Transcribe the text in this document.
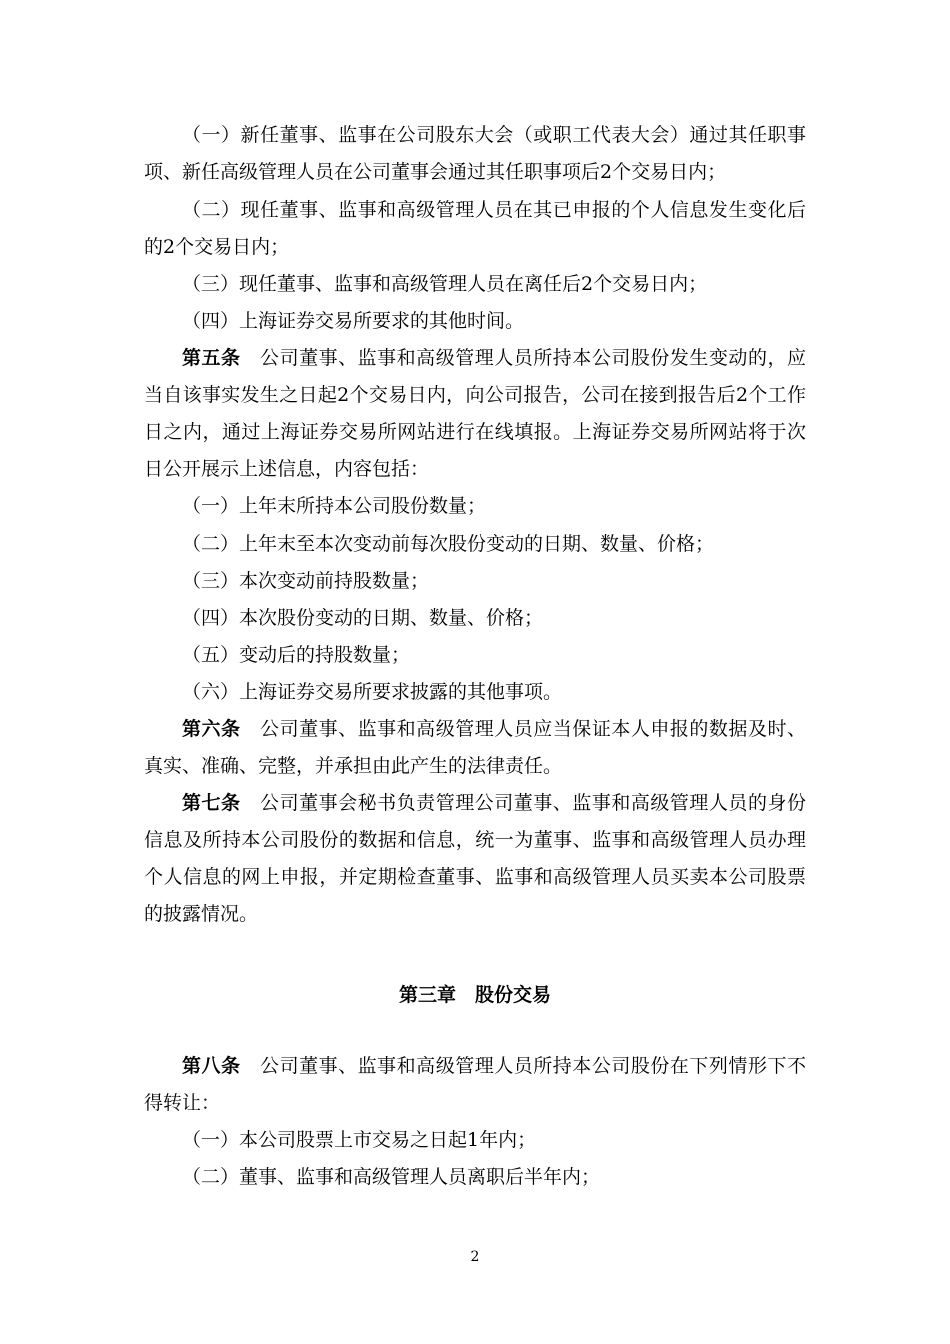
（一）新任董事、监事在公司股东大会（或职工代表大会）通过其任职事项、新任高级管理人员在公司董事会通过其任职事项后2个交易日内；

（二）现任董事、监事和高级管理人员在其已申报的个人信息发生变化后的2个交易日内；

（三）现任董事、监事和高级管理人员在离任后2个交易日内；

（四）上海证券交易所要求的其他时间。

第五条 公司董事、监事和高级管理人员所持本公司股份发生变动的，应当自该事实发生之日起2个交易日内，向公司报告，公司在接到报告后2个工作日之内，通过上海证券交易所网站进行在线填报。上海证券交易所网站将于次日公开展示上述信息，内容包括：

（一）上年末所持本公司股份数量；

（二）上年末至本次变动前每次股份变动的日期、数量、价格；

（三）本次变动前持股数量；

（四）本次股份变动的日期、数量、价格；

（五）变动后的持股数量；

（六）上海证券交易所要求披露的其他事项。

第六条 公司董事、监事和高级管理人员应当保证本人申报的数据及时、真实、准确、完整，并承担由此产生的法律责任。

第七条 公司董事会秘书负责管理公司董事、监事和高级管理人员的身份信息及所持本公司股份的数据和信息，统一为董事、监事和高级管理人员办理个人信息的网上申报，并定期检查董事、监事和高级管理人员买卖本公司股票的披露情况。

第三章 股份交易

第八条 公司董事、监事和高级管理人员所持本公司股份在下列情形下不得转让：

（一）本公司股票上市交易之日起1年内；

（二）董事、监事和高级管理人员离职后半年内；

2
